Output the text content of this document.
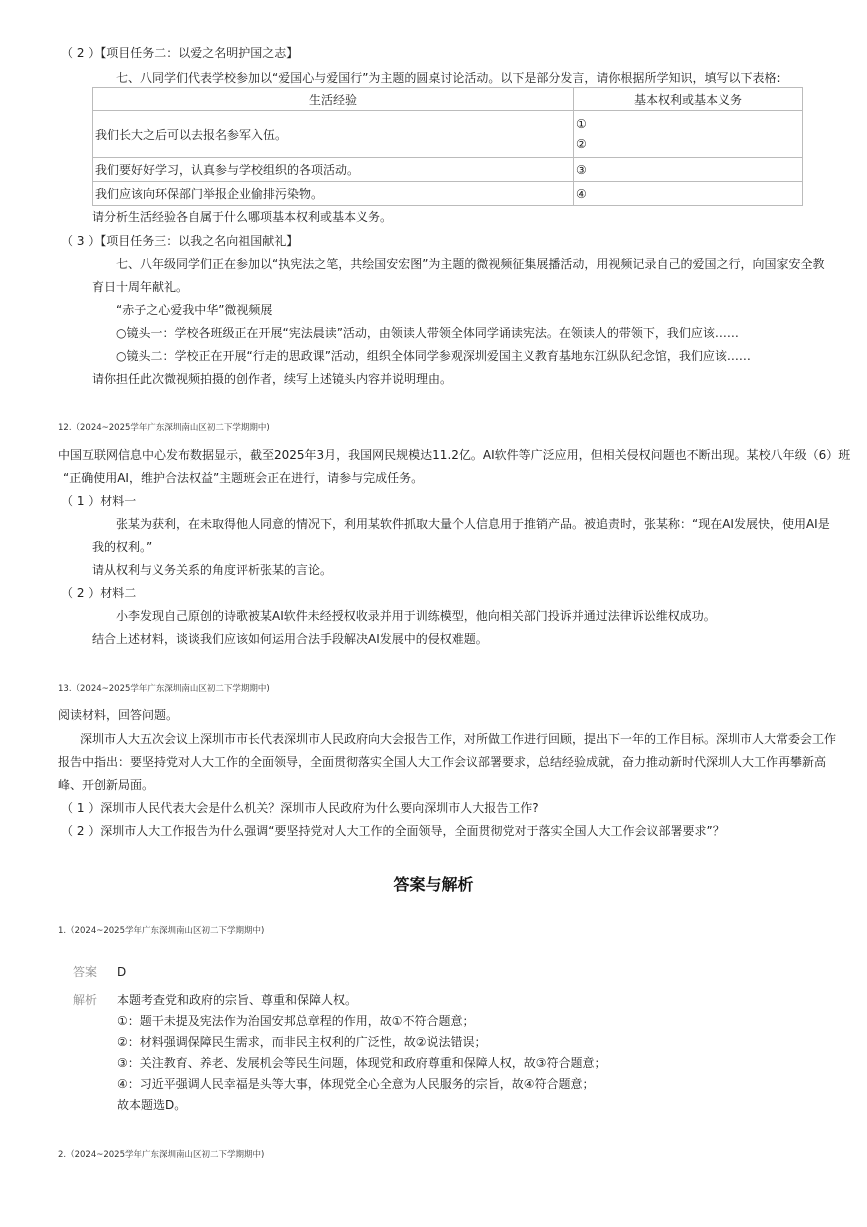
（ 2 ）【项目任务二：以爱之名明护国之志】
七、八同学们代表学校参加以“爱国心与爱国行”为主题的圆桌讨论活动。以下是部分发言，请你根据所学知识，填写以下表格:
生活经验	基本权利或基本义务
我们长大之后可以去报名参军入伍。	①
②

我们要好好学习，认真参与学校组织的各项活动。	③
我们应该向环保部门举报企业偷排污染物。	④
请分析生活经验各自属于什么哪项基本权利或基本义务。
（ 3 ）【项目任务三：以我之名向祖国献礼】
七、八年级同学们正在参加以“执宪法之笔，共绘国安宏图”为主题的微视频征集展播活动，用视频记录自己的爱国之行，向国家安全教
育日十周年献礼。
“赤子之心爱我中华”微视频展
○镜头一：学校各班级正在开展“宪法晨读”活动，由领读人带领全体同学诵读宪法。在领读人的带领下，我们应该……
○镜头二：学校正在开展“行走的思政课”活动，组织全体同学参观深圳爱国主义教育基地东江纵队纪念馆，我们应该……
请你担任此次微视频拍摄的创作者，续写上述镜头内容并说明理由。
12.（2024~2025学年广东深圳南山区初二下学期期中)
中国互联网信息中心发布数据显示，截至2025年3月，我国网民规模达11.2亿。AI软件等广泛应用，但相关侵权问题也不断出现。某校八年级（6）班
“正确使用AI，维护合法权益”主题班会正在进行，请参与完成任务。
（ 1 ）材料一
张某为获利，在未取得他人同意的情况下，利用某软件抓取大量个人信息用于推销产品。被追责时，张某称：“现在AI发展快，使用AI是
我的权利。”
请从权利与义务关系的角度评析张某的言论。
（ 2 ）材料二
小李发现自己原创的诗歌被某AI软件未经授权收录并用于训练模型，他向相关部门投诉并通过法律诉讼维权成功。
结合上述材料，谈谈我们应该如何运用合法手段解决AI发展中的侵权难题。
13.（2024~2025学年广东深圳南山区初二下学期期中)
阅读材料，回答问题。
深圳市人大五次会议上深圳市市长代表深圳市人民政府向大会报告工作，对所做工作进行回顾，提出下一年的工作目标。深圳市人大常委会工作
报告中指出：要坚持党对人大工作的全面领导，全面贯彻落实全国人大工作会议部署要求，总结经验成就，奋力推动新时代深圳人大工作再攀新高
峰、开创新局面。
（ 1 ）深圳市人民代表大会是什么机关？深圳市人民政府为什么要向深圳市人大报告工作?
（ 2 ）深圳市人大工作报告为什么强调“要坚持党对人大工作的全面领导，全面贯彻党对于落实全国人大工作会议部署要求”？
答案与解析
1.（2024~2025学年广东深圳南山区初二下学期期中)
答案 D
解析 本题考查党和政府的宗旨、尊重和保障人权。
①：题干未提及宪法作为治国安邦总章程的作用，故①不符合题意；
②：材料强调保障民生需求，而非民主权利的广泛性，故②说法错误；
③：关注教育、养老、发展机会等民生问题，体现党和政府尊重和保障人权，故③符合题意；
④：习近平强调人民幸福是头等大事，体现党全心全意为人民服务的宗旨，故④符合题意；
故本题选D。
2.（2024~2025学年广东深圳南山区初二下学期期中)
